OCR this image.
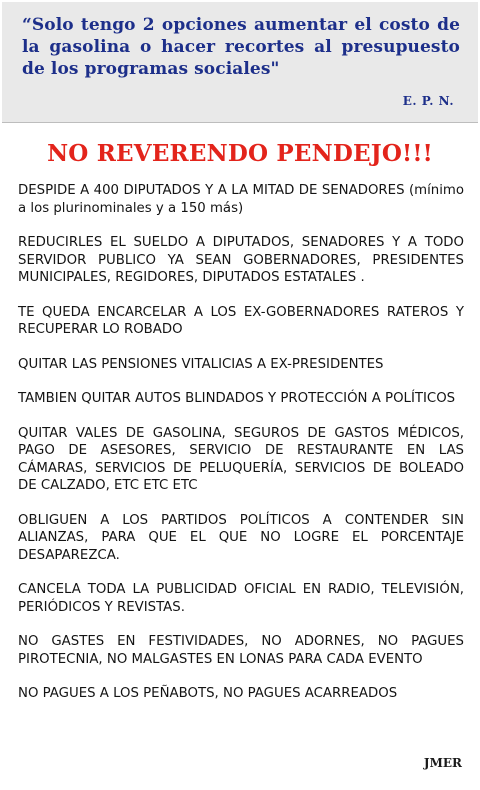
“Solo tengo 2 opciones aumentar el costo de la gasolina o hacer recortes al presupuesto de los programas sociales"

E. P. N.
NO REVERENDO PENDEJO!!!

DESPIDE A 400 DIPUTADOS Y A LA MITAD DE SENADORES (mínimo a los plurinominales y a 150 más)

REDUCIRLES EL SUELDO A DIPUTADOS, SENADORES Y A TODO SERVIDOR PUBLICO YA SEAN GOBERNADORES, PRESIDENTES MUNICIPALES, REGIDORES, DIPUTADOS ESTATALES .

TE QUEDA ENCARCELAR A LOS EX-GOBERNADORES RATEROS Y RECUPERAR LO ROBADO

QUITAR LAS PENSIONES VITALICIAS A EX-PRESIDENTES

TAMBIEN QUITAR AUTOS BLINDADOS Y PROTECCIÓN A POLÍTICOS

QUITAR VALES DE GASOLINA, SEGUROS DE GASTOS MÉDICOS, PAGO DE ASESORES, SERVICIO DE RESTAURANTE EN LAS CÁMARAS, SERVICIOS DE PELUQUERÍA, SERVICIOS DE BOLEADO DE CALZADO, ETC ETC ETC

OBLIGUEN A LOS PARTIDOS POLÍTICOS A CONTENDER SIN ALIANZAS, PARA QUE EL QUE NO LOGRE EL PORCENTAJE DESAPAREZCA.

CANCELA TODA LA PUBLICIDAD OFICIAL EN RADIO, TELEVISIÓN, PERIÓDICOS Y REVISTAS.

NO GASTES EN FESTIVIDADES, NO ADORNES, NO PAGUES PIROTECNIA, NO MALGASTES EN LONAS PARA CADA EVENTO

NO PAGUES A LOS PEÑABOTS, NO PAGUES ACARREADOS

JMER
